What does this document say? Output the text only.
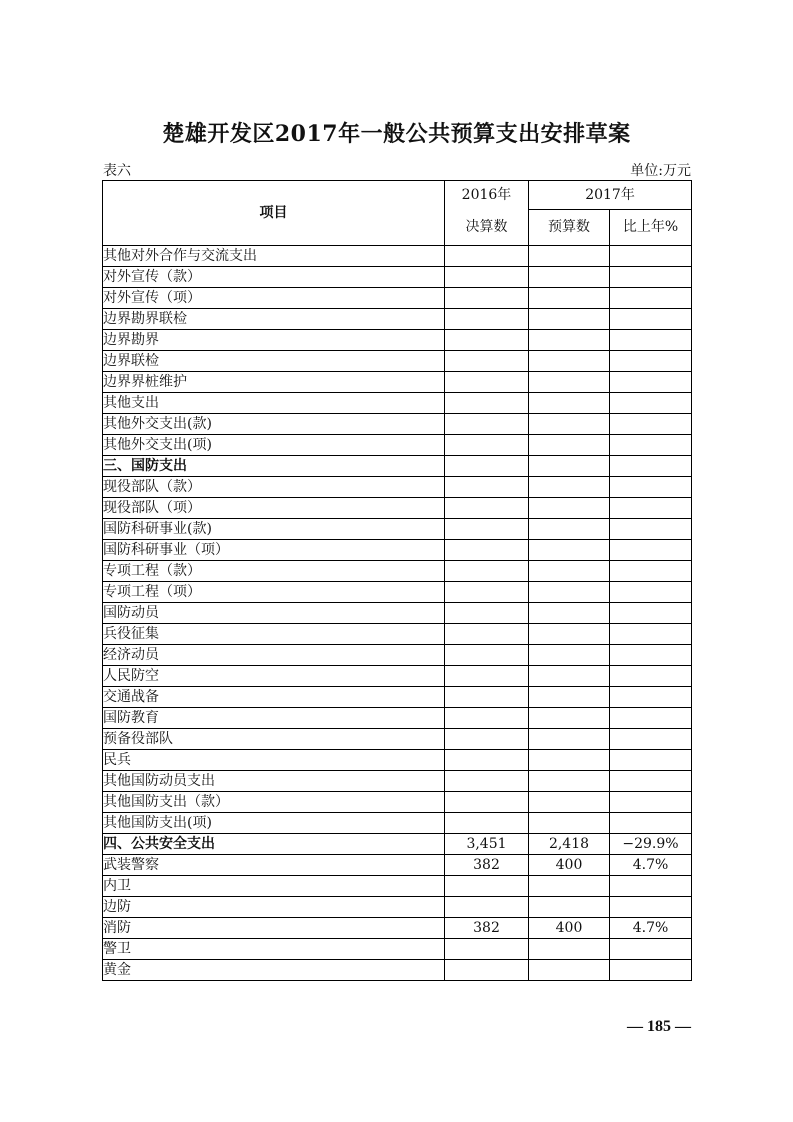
楚雄开发区2017年一般公共预算支出安排草案
表六	单位:万元
项目	2016年	2017年	
	决算数	预算数	比上年%
其他对外合作与交流支出			
对外宣传（款）			
对外宣传（项）			
边界勘界联检			
边界勘界			
边界联检			
边界界桩维护			
其他支出			
其他外交支出(款)			
其他外交支出(项)			
三、国防支出			
现役部队（款）			
现役部队（项）			
国防科研事业(款)			
国防科研事业（项）			
专项工程（款）			
专项工程（项）			
国防动员			
兵役征集			
经济动员			
人民防空			
交通战备			
国防教育			
预备役部队			
民兵			
其他国防动员支出			
其他国防支出（款）			
其他国防支出(项)			
四、公共安全支出	3,451	2,418	−29.9%
武装警察	382	400	4.7%
内卫			
边防			
消防	382	400	4.7%
警卫			
黄金			
— 185 —
